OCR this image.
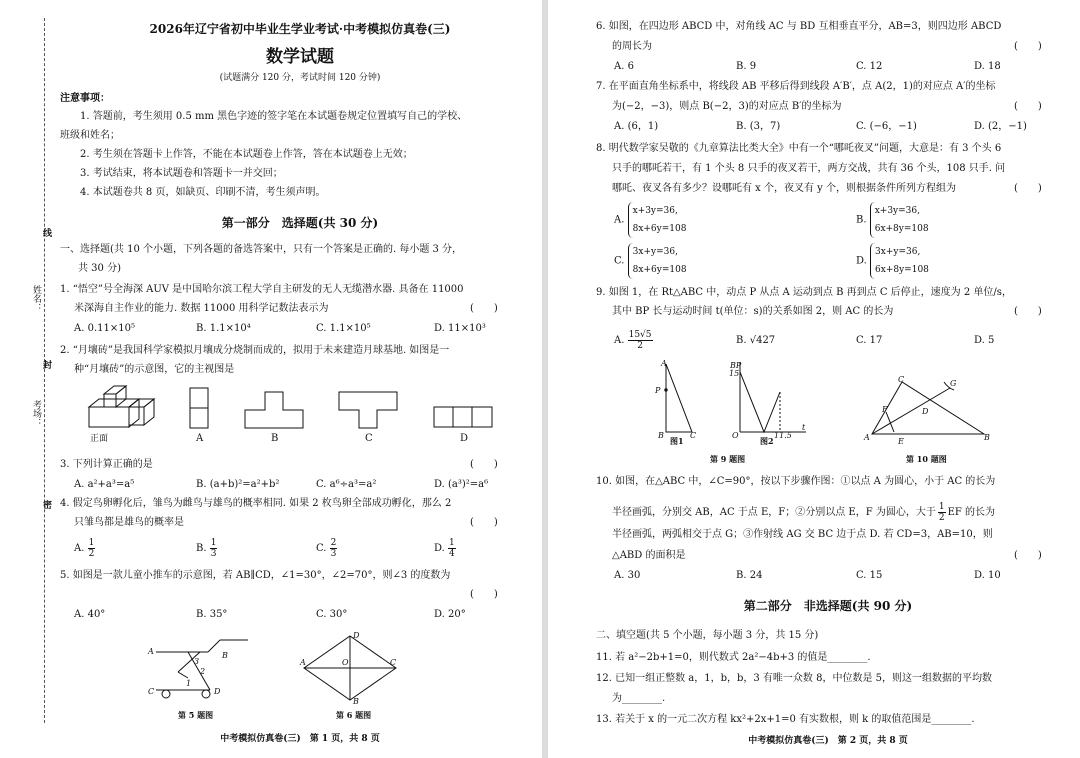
姓名：
考场：
线
封
密
2026年辽宁省初中毕业生学业考试·中考模拟仿真卷(三)
数学试题
(试题满分 120 分，考试时间 120 分钟)
注意事项：
1. 答题前，考生须用 0.5 mm 黑色字迹的签字笔在本试题卷规定位置填写自己的学校、
班级和姓名；
2. 考生须在答题卡上作答，不能在本试题卷上作答，答在本试题卷上无效；
3. 考试结束，将本试题卷和答题卡一并交回；
4. 本试题卷共 8 页，如缺页、印刷不清，考生须声明。
第一部分　选择题(共 30 分)
一、选择题(共 10 个小题，下列各题的备选答案中，只有一个答案是正确的. 每小题 3 分，
共 30 分)
1. “悟空”号全海深 AUV 是中国哈尔滨工程大学自主研发的无人无缆潜水器. 具备在 11000
米深海自主作业的能力. 数据 11000 用科学记数法表示为	(　　)
A. 0.11×10⁵	B. 1.1×10⁴	C. 1.1×10⁵	D. 11×10³
2. “月壤砖”是我国科学家模拟月壤成分烧制而成的，拟用于未来建造月球基地. 如图是一
种“月壤砖”的示意图，它的主视图是
正面	A	B	C	D
3. 下列计算正确的是	(　　)
A. a²+a³=a⁵	B. (a+b)²=a²+b²	C. a⁶÷a³=a²	D. (a³)²=a⁶
4. 假定鸟卵孵化后，雏鸟为雌鸟与雄鸟的概率相同. 如果 2 枚鸟卵全部成功孵化，那么 2
只雏鸟都是雄鸟的概率是	(　　)
A. $\frac{1}{2}$	B. $\frac{1}{3}$	C. $\frac{2}{3}$	D. $\frac{1}{4}$
5. 如图是一款儿童小推车的示意图，若 AB∥CD，∠1=30°，∠2=70°，则∠3 的度数为
(　　)
A. 40°	B. 35°	C. 30°	D. 20°
A	B
C	D
3
2
1
D
A	C
B
O
第 5 题图	第 6 题图
中考模拟仿真卷(三)　第 1 页，共 8 页
6. 如图，在四边形 ABCD 中，对角线 AC 与 BD 互相垂直平分，AB=3，则四边形 ABCD
的周长为	(　　)
A. 6	B. 9	C. 12	D. 18
7. 在平面直角坐标系中，将线段 AB 平移后得到线段 A′B′，点 A(2，1)的对应点 A′的坐标
为(−2，−3)，则点 B(−2，3)的对应点 B′的坐标为	(　　)
A. (6，1)	B. (3，7)	C. (−6，−1)	D. (2，−1)
8. 明代数学家吴敬的《九章算法比类大全》中有一个“哪吒夜叉”问题，大意是：有 3 个头 6
只手的哪吒若干，有 1 个头 8 只手的夜叉若干，两方交战，共有 36 个头，108 只手. 问
哪吒、夜叉各有多少？设哪吒有 x 个，夜叉有 y 个，则根据条件所列方程组为	(　　)
A. x+3y=36,
8x+6y=108
B. x+3y=36,
6x+8y=108
C. 3x+y=36,
8x+6y=108
D. 3x+y=36,
6x+8y=108
9. 如图 1，在 Rt△ABC 中，动点 P 从点 A 运动到点 B 再到点 C 后停止，速度为 2 单位/s，
其中 BP 长与运动时间 t(单位：s)的关系如图 2，则 AC 的长为	(　　)
A. $\frac{15√5}{2}$	B. √427	C. 17	D. 5
A
P
B	C
BP
15
O	11.5
t
A
C
B
F
E
D
G
图1	图2
第 9 题图	第 10 题图
10. 如图，在△ABC 中，∠C=90°，按以下步骤作图：①以点 A 为圆心，小于 AC 的长为
半径画弧，分别交 AB，AC 于点 E，F；②分别以点 E，F 为圆心，大于 $\frac{1}{2}$ EF 的长为
半径画弧，两弧相交于点 G；③作射线 AG 交 BC 边于点 D. 若 CD=3，AB=10，则
△ABD 的面积是	(　　)
A. 30	B. 24	C. 15	D. 10
第二部分　非选择题(共 90 分)
二、填空题(共 5 个小题，每小题 3 分，共 15 分)
11. 若 a²−2b+1=0，则代数式 2a²−4b+3 的值是________.
12. 已知一组正整数 a，1，b，b，3 有唯一众数 8，中位数是 5，则这一组数据的平均数
为________.
13. 若关于 x 的一元二次方程 kx²+2x+1=0 有实数根，则 k 的取值范围是________.
中考模拟仿真卷(三)　第 2 页，共 8 页
